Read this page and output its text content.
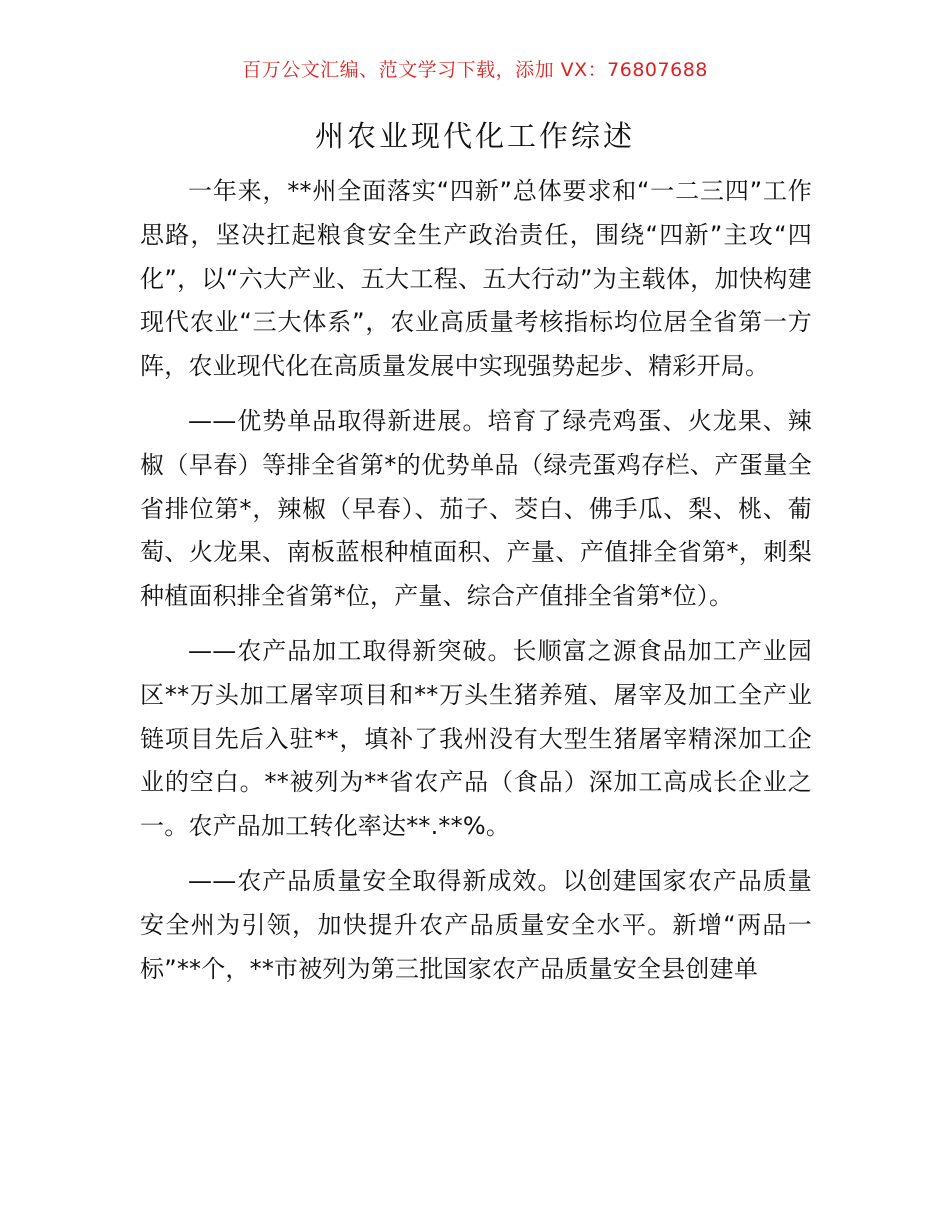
百万公文汇编、范文学习下载，添加 VX：76807688
州农业现代化工作综述

一年来，**州全面落实“四新”总体要求和“一二三四”工作思路，坚决扛起粮食安全生产政治责任，围绕“四新”主攻“四化”，以“六大产业、五大工程、五大行动”为主载体，加快构建现代农业“三大体系”，农业高质量考核指标均位居全省第一方阵，农业现代化在高质量发展中实现强势起步、精彩开局。

——优势单品取得新进展。培育了绿壳鸡蛋、火龙果、辣椒（早春）等排全省第*的优势单品（绿壳蛋鸡存栏、产蛋量全省排位第*，辣椒（早春）、茄子、茭白、佛手瓜、梨、桃、葡萄、火龙果、南板蓝根种植面积、产量、产值排全省第*，刺梨种植面积排全省第*位，产量、综合产值排全省第*位）。

——农产品加工取得新突破。长顺富之源食品加工产业园区**万头加工屠宰项目和**万头生猪养殖、屠宰及加工全产业链项目先后入驻**，填补了我州没有大型生猪屠宰精深加工企业的空白。**被列为**省农产品（食品）深加工高成长企业之一。农产品加工转化率达**.**%。

——农产品质量安全取得新成效。以创建国家农产品质量安全州为引领，加快提升农产品质量安全水平。新增“两品一标”**个，**市被列为第三批国家农产品质量安全县创建单
